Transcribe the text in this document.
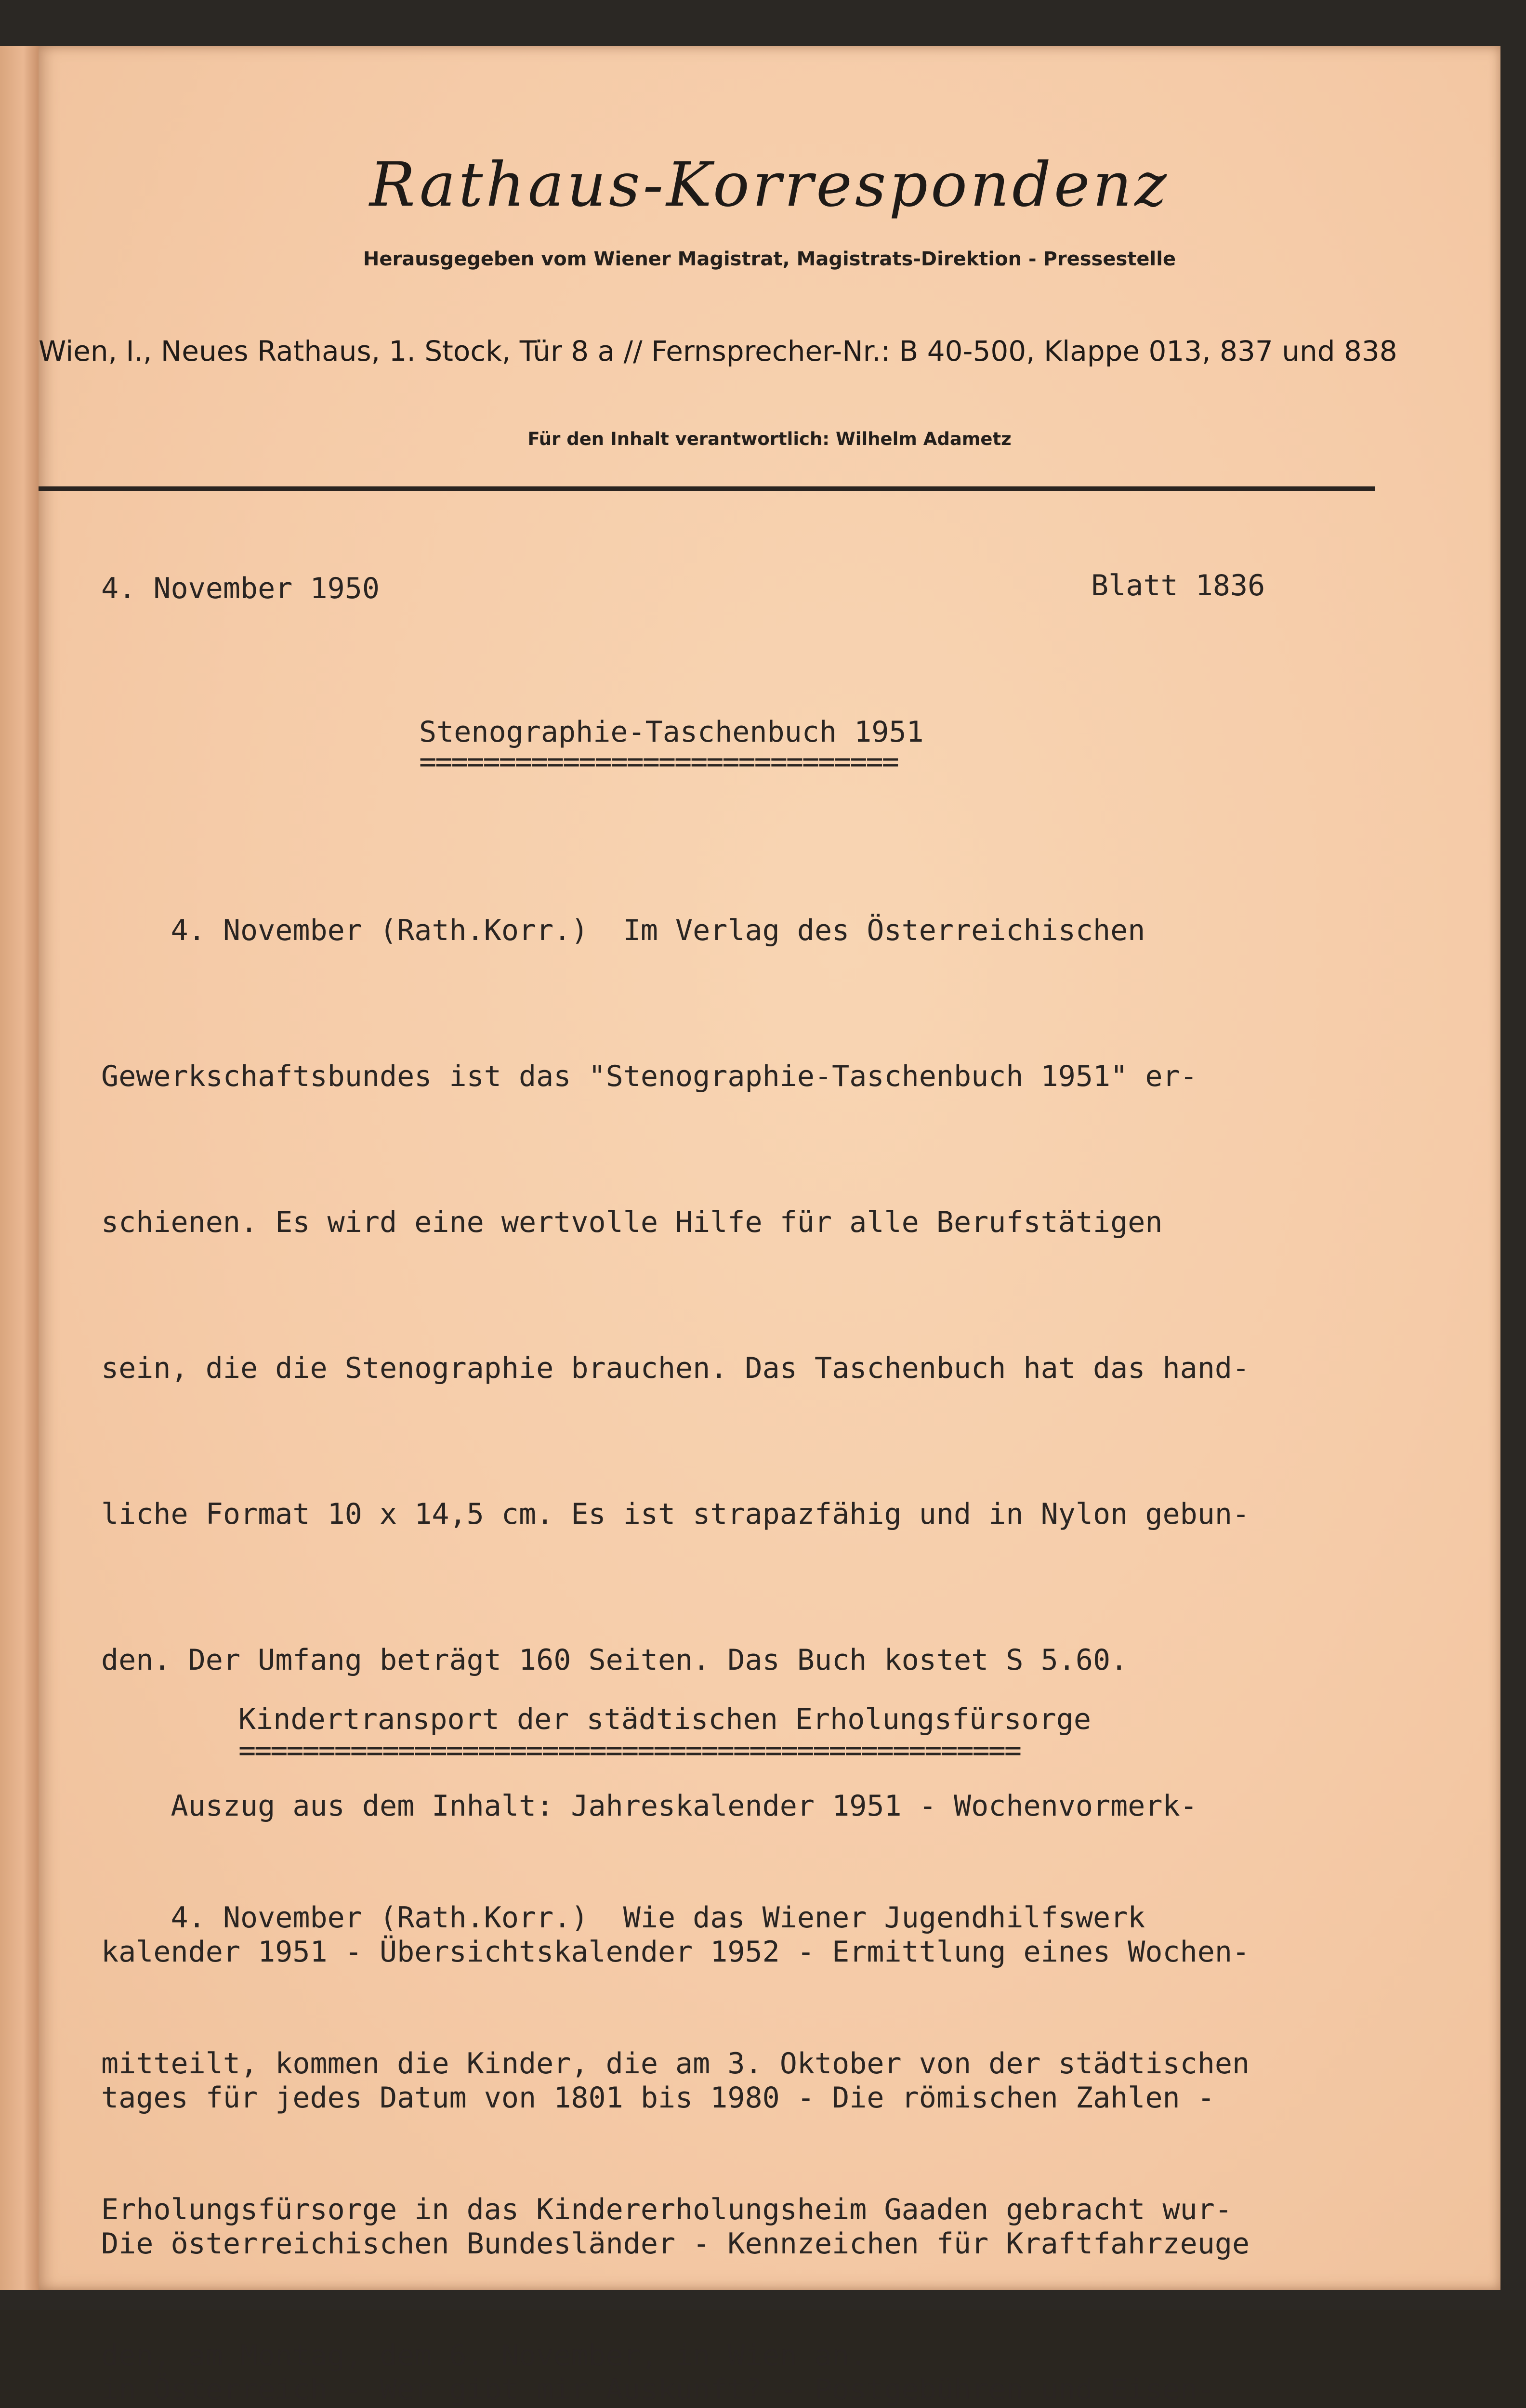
Rathaus-Korrespondenz
Herausgegeben vom Wiener Magistrat, Magistrats-Direktion - Pressestelle
Wien, I., Neues Rathaus, 1. Stock, Tür 8 a // Fernsprecher-Nr.: B 40-500, Klappe 013, 837 und 838
Für den Inhalt verantwortlich: Wilhelm Adametz
4. November 1950	Blatt 1836
Stenographie-Taschenbuch 1951
==============================

4. November (Rath.Korr.)  Im Verlag des Österreichischen

Gewerkschaftsbundes ist das "Stenographie-Taschenbuch 1951" er-

schienen. Es wird eine wertvolle Hilfe für alle Berufstätigen

sein, die die Stenographie brauchen. Das Taschenbuch hat das hand-

liche Format 10 x 14,5 cm. Es ist strapazfähig und in Nylon gebun-

den. Der Umfang beträgt 160 Seiten. Das Buch kostet S 5.60.

Auszug aus dem Inhalt: Jahreskalender 1951 - Wochenvormerk-

kalender 1951 - Übersichtskalender 1952 - Ermittlung eines Wochen-

tages für jedes Datum von 1801 bis 1980 - Die römischen Zahlen -

Die österreichischen Bundesländer - Kennzeichen für Kraftfahrzeuge

in Österreich - Wer gibt mir Auskunft? - Postgebühren und Eisen-

Kindertransport der städtischen Erholungsfürsorge
=================================================

4. November (Rath.Korr.)  Wie das Wiener Jugendhilfswerk

mitteilt, kommen die Kinder, die am 3. Oktober von der städtischen

Erholungsfürsorge in das Kindererholungsheim Gaaden gebracht wur-

den, am Montag, dem 6. November, in Wien an.
